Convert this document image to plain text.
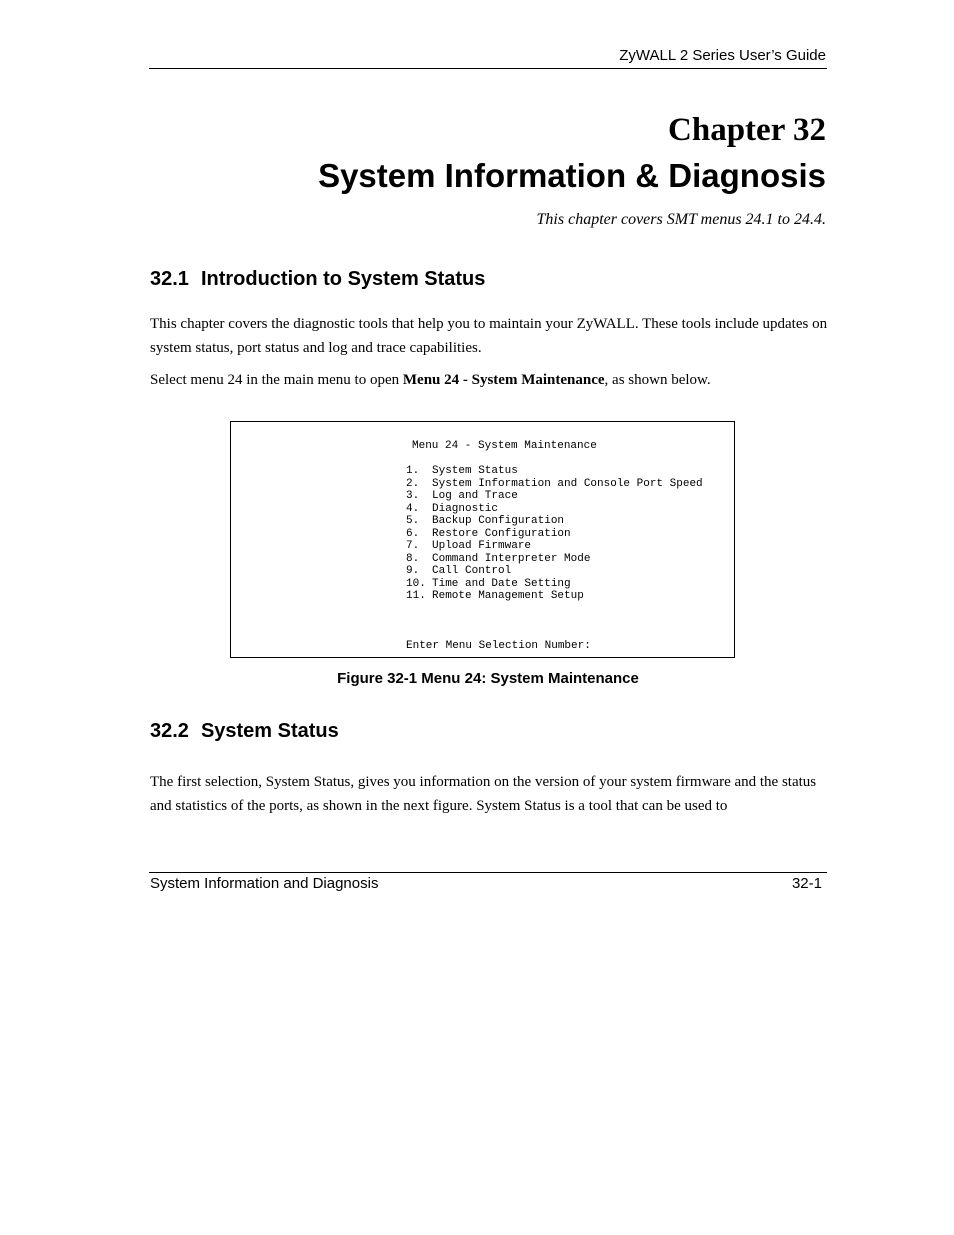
ZyWALL 2 Series User’s Guide
Chapter 32
System Information & Diagnosis
This chapter covers SMT menus 24.1 to 24.4.
32.1 Introduction to System Status
This chapter covers the diagnostic tools that help you to maintain your ZyWALL. These tools include updates on system status, port status and log and trace capabilities.
Select menu 24 in the main menu to open Menu 24 - System Maintenance, as shown below.
Menu 24 - System Maintenance
1. System Status
2. System Information and Console Port Speed
3. Log and Trace
4. Diagnostic
5. Backup Configuration
6. Restore Configuration
7. Upload Firmware
8. Command Interpreter Mode
9. Call Control
10. Time and Date Setting
11. Remote Management Setup
Enter Menu Selection Number:
Figure 32-1 Menu 24: System Maintenance
32.2 System Status
The first selection, System Status, gives you information on the version of your system firmware and the status and statistics of the ports, as shown in the next figure. System Status is a tool that can be used to
System Information and Diagnosis	32-1
